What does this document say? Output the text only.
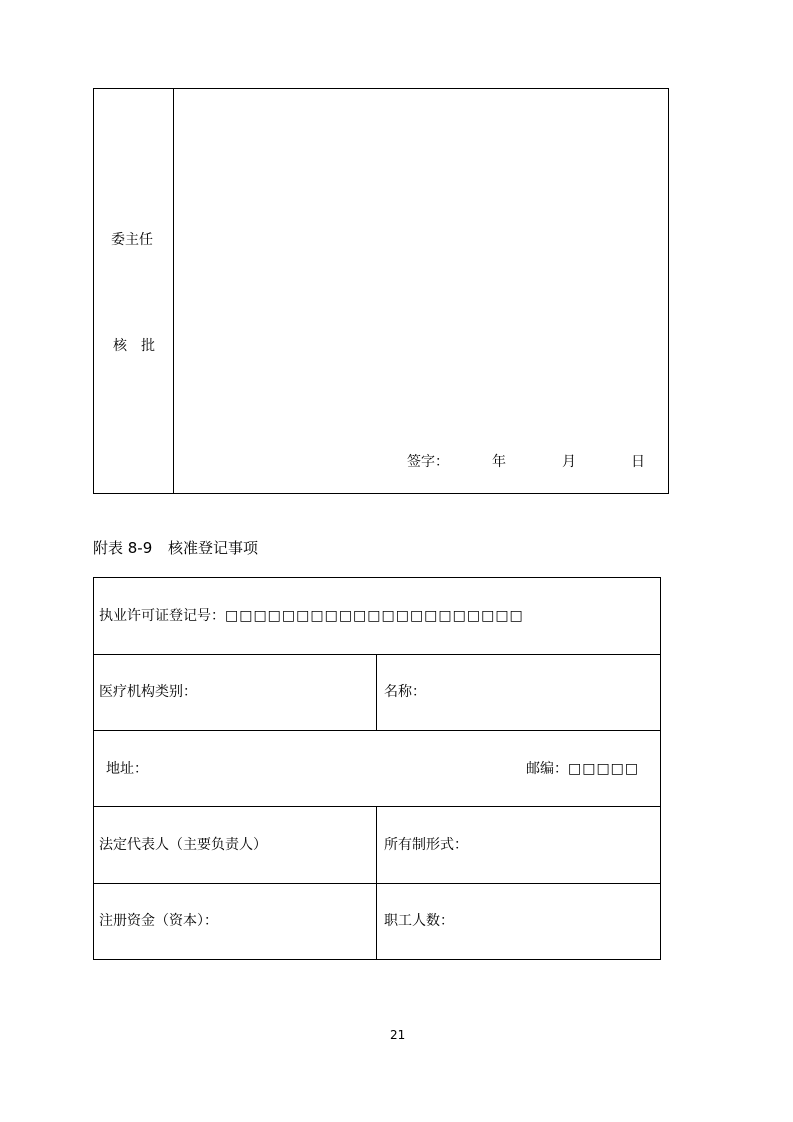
委主任
核　批
签字：	年	月	日
附表 8-9 核准登记事项
执业许可证登记号：□□□□□□□□□□□□□□□□□□□□□
医疗机构类别：	名称：
地址：	邮编：□□□□□
法定代表人（主要负责人）	所有制形式：
注册资金（资本）：	职工人数：
21
